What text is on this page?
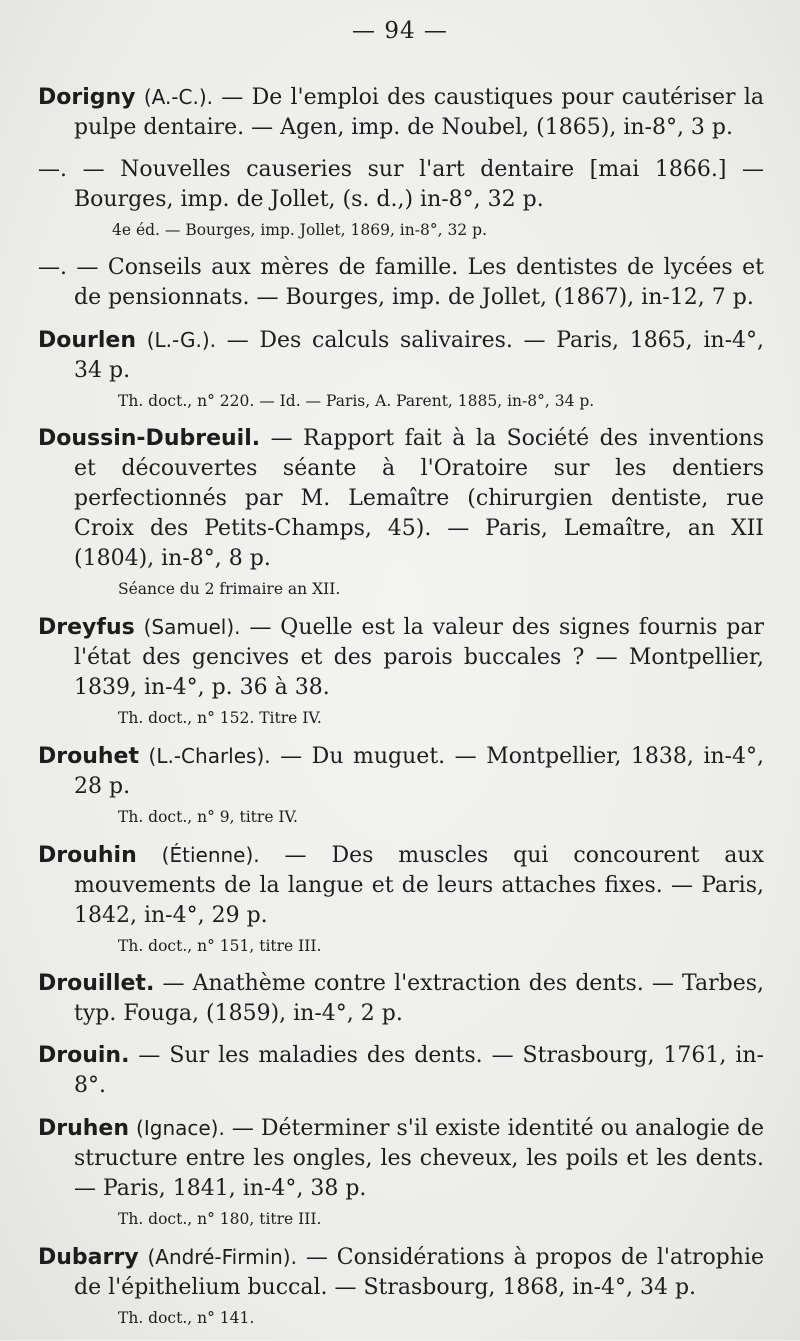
— 94 —
Dorigny (A.-C.). — De l'emploi des caustiques pour cautériser la pulpe dentaire. — Agen, imp. de Noubel, (1865), in-8°, 3 p.
—. — Nouvelles causeries sur l'art dentaire [mai 1866.] — Bourges, imp. de Jollet, (s. d.,) in-8°, 32 p.
4e éd. — Bourges, imp. Jollet, 1869, in-8°, 32 p.
—. — Conseils aux mères de famille. Les dentistes de lycées et de pensionnats. — Bourges, imp. de Jollet, (1867), in-12, 7 p.
Dourlen (L.-G.). — Des calculs salivaires. — Paris, 1865, in-4°, 34 p.
Th. doct., n° 220. — Id. — Paris, A. Parent, 1885, in-8°, 34 p.
Doussin-Dubreuil. — Rapport fait à la Société des inventions et découvertes séante à l'Oratoire sur les dentiers perfectionnés par M. Lemaître (chirurgien dentiste, rue Croix des Petits-Champs, 45). — Paris, Lemaître, an XII (1804), in-8°, 8 p.
Séance du 2 frimaire an XII.
Dreyfus (Samuel). — Quelle est la valeur des signes fournis par l'état des gencives et des parois buccales ? — Montpellier, 1839, in-4°, p. 36 à 38.
Th. doct., n° 152. Titre IV.
Drouhet (L.-Charles). — Du muguet. — Montpellier, 1838, in-4°, 28 p.
Th. doct., n° 9, titre IV.
Drouhin (Étienne). — Des muscles qui concourent aux mouvements de la langue et de leurs attaches fixes. — Paris, 1842, in-4°, 29 p.
Th. doct., n° 151, titre III.
Drouillet. — Anathème contre l'extraction des dents. — Tarbes, typ. Fouga, (1859), in-4°, 2 p.
Drouin. — Sur les maladies des dents. — Strasbourg, 1761, in-8°.
Druhen (Ignace). — Déterminer s'il existe identité ou analogie de structure entre les ongles, les cheveux, les poils et les dents. — Paris, 1841, in-4°, 38 p.
Th. doct., n° 180, titre III.
Dubarry (André-Firmin). — Considérations à propos de l'atrophie de l'épithelium buccal. — Strasbourg, 1868, in-4°, 34 p.
Th. doct., n° 141.
